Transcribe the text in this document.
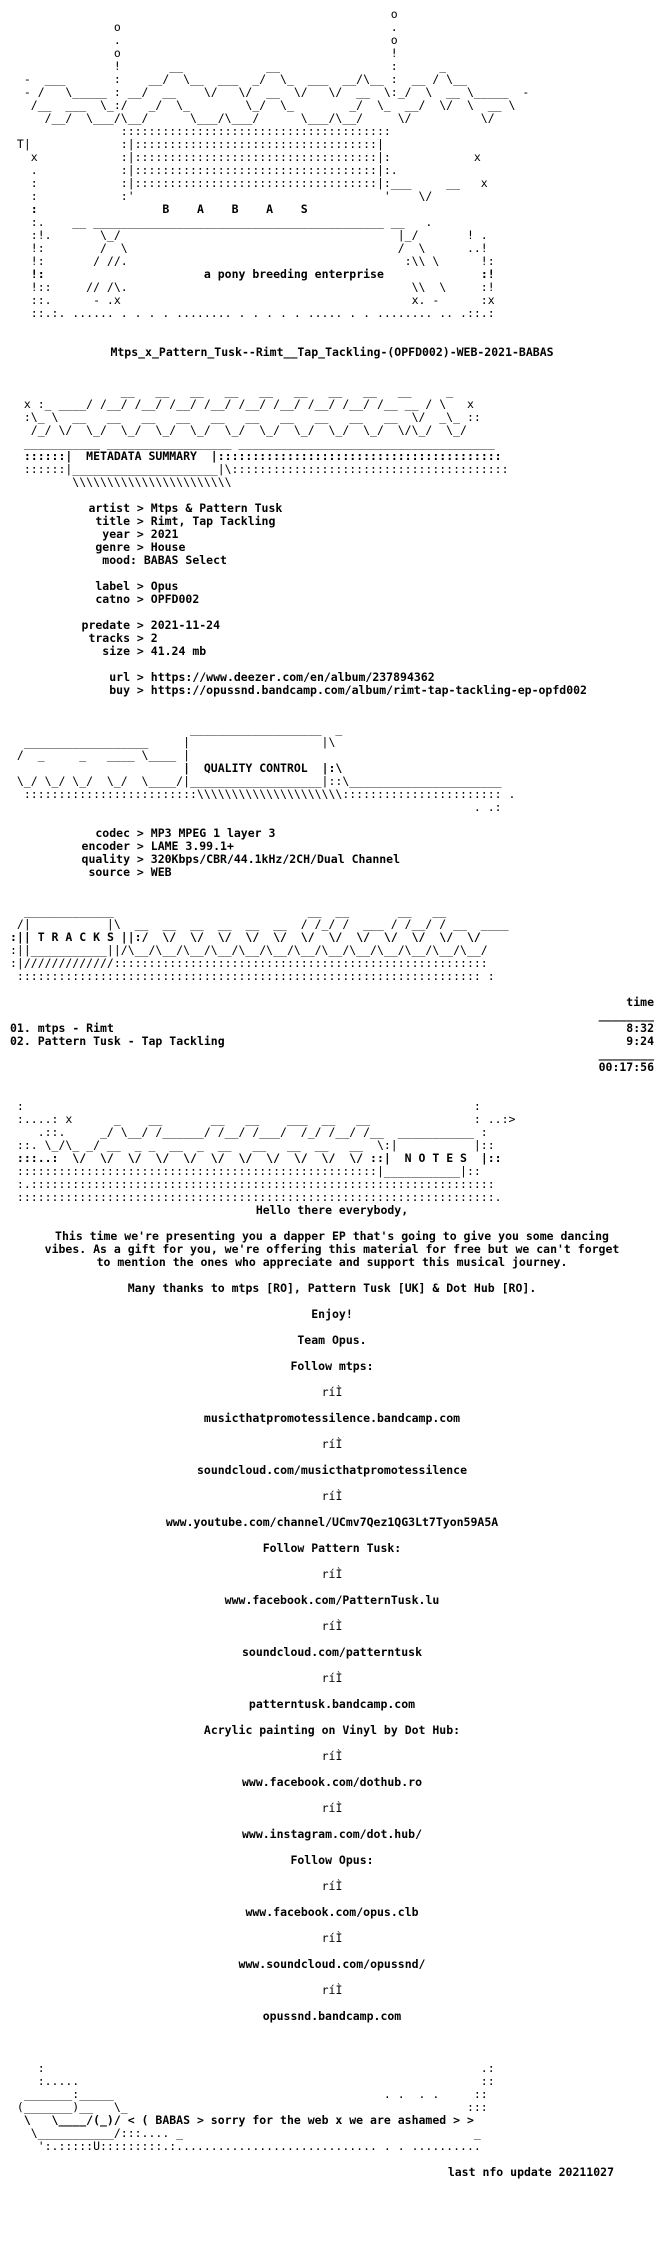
o
o                                       .
.                                       o
o                                       !
!       __            __                :      _
-  ___       :    __/  \__  ___  _/  \_  ___  __/\__ :  __ / \__
- /   \_____ : __/  __    \/   \/  __  \/   \/  __  \:_/  \  __ \_____  -
/__  ___  \_:/   _/  \_        \_/  \_        _/  \_  __/  \/  \  __ \
/__/  \___/\__/      \___/\___/      \___/\__/     \/          \/
:::::::::::::::::::::::::::::::::::::::
T|             :|:::::::::::::::::::::::::::::::::::|
x            :|:::::::::::::::::::::::::::::::::::|:            x
.            :|:::::::::::::::::::::::::::::::::::|:.
:            :|:::::::::::::::::::::::::::::::::::|:___     __   x
:            :'                                    '    \/
:                  B    A    B    A    S
:.    __ __________________________________________ __   .
:!.       \_/                                        |_/       ! .
!:        /  \                                       /  \      ..!
!:       / //.                                        :\\ \      !:
!:                       a pony breeding enterprise              :!
!::     // /\.                                         \\  \     :!
::.      - .x                                          x. -      :x
::.:. ...... . . . . ........ . . . . . ..... . . ........ .. .::.:
Mtps_x_Pattern_Tusk--Rimt__Tap_Tackling-(OPFD002)-WEB-2021-BABAS
__   __   __   __   __   __   __   __   __     _
x :_ ____/ /__/ /__/ /__/ /__/ /__/ /__/ /__/ /__/ /__ __ / \   x
:\_ \  __   __   __   __   __   __   __   __   __   __  \/  _\_ ::
/_/ \/  \_/  \_/  \_/  \_/  \_/  \_/  \_/  \_/  \_/  \/\_/  \_/
___________ __________________ _____________________________________
::::::|  METADATA SUMMARY  |:::::::::::::::::::::::::::::::::::::::::
::::::|_____________________|\::::::::::::::::::::::::::::::::::::::::
\\\\\\\\\\\\\\\\\\\\\\\
artist > Mtps & Pattern Tusk
title > Rimt, Tap Tackling
year > 2021
genre > House
mood: BABAS Select
label > Opus
catno > OPFD002
predate > 2021-11-24
tracks > 2
size > 41.24 mb
url > https://www.deezer.com/en/album/237894362
buy > https://opussnd.bandcamp.com/album/rimt-tap-tackling-ep-opfd002
___________________  _
__________________     |                   |\
/  _     _   ____ \____ |
|  QUALITY CONTROL  |:\
\_/ \_/ \_/  \_/  \____/|___________________|::\______________________
:::::::::::::::::::::::::\\\\\\\\\\\\\\\\\\\\\::::::::::::::::::::::: .
. .:
codec > MP3 MPEG 1 layer 3
encoder > LAME 3.99.1+
quality > 320Kbps/CBR/44.1kHz/2CH/Dual Channel
source > WEB
_____________                            __  __       __   __
/|           |\  __  __  __  __  __  __  / /_/ /  ___ / /__/ / __  ____
:|| T R A C K S ||:/  \/  \/  \/  \/  \/  \/  \/  \/  \/  \/  \/  \/
:||___________||/\__/\__/\__/\__/\__/\__/\__/\__/\__/\__/\__/\__/\__/
:|/////////////::::::::::::::::::::::::::::::::::::::::::::::::::::::
::::::::::::::::::::::::::::::::::::::::::::::::::::::::::::::::::: :
time
________
01. mtps - Rimt	8:32
02. Pattern Tusk - Tap Tackling	9:24
________
00:17:56
:                                                                 :
:....: x      _    __       __   __    ___  __   __               : ..:>
.::.     _/ \__/ /______/ /__/ /___/  /_/ /__/ /__  ___________ :
::. \_/\_ _/ __  _ _  __  _  __   __   __  __   __  \:|           |::
:::..:  \/  \/  \/  \/  \/  \/  \/  \/  \/  \/  \/ ::|  N O T E S  |::
::::::::::::::::::::::::::::::::::::::::::::::::::::|___________|::
:.:::::::::::::::::::::::::::::::::::::::::::::::::::::::::::::::::::
:::::::::::::::::::::::::::::::::::::::::::::::::::::::::::::::::::::.

Hello there everybody,

This time we're presenting you a dapper EP that's going to give you some dancing vibes. As a gift for you, we're offering this material for free but we can't forget to mention the ones who appreciate and support this musical journey.

Many thanks to mtps [RO], Pattern Tusk [UK] & Dot Hub [RO].

Enjoy!

Team Opus.

Follow mtps:

ríÌ

musicthatpromotessilence.bandcamp.com

ríÌ

soundcloud.com/musicthatpromotessilence

ríÌ

www.youtube.com/channel/UCmv7Qez1QG3Lt7Tyon59A5A

Follow Pattern Tusk:

ríÌ

www.facebook.com/PatternTusk.lu

ríÌ

soundcloud.com/patterntusk

ríÌ

patterntusk.bandcamp.com

Acrylic painting on Vinyl by Dot Hub:

ríÌ

www.facebook.com/dothub.ro

ríÌ

www.instagram.com/dot.hub/

Follow Opus:

ríÌ

www.facebook.com/opus.clb

ríÌ

www.soundcloud.com/opussnd/

ríÌ

opussnd.bandcamp.com

:                                                               .:
:.....                                                          ::
_______:_____                                       . .  . .     ::
(_______)__   \_                                                 :::
\   \____/(_)/ < ( BABAS > sorry for the web x we are ashamed > >
\___________/:::.... _                                          _
':.:::::U:::::::::.:............................. . . ..........
last nfo update 20211027
